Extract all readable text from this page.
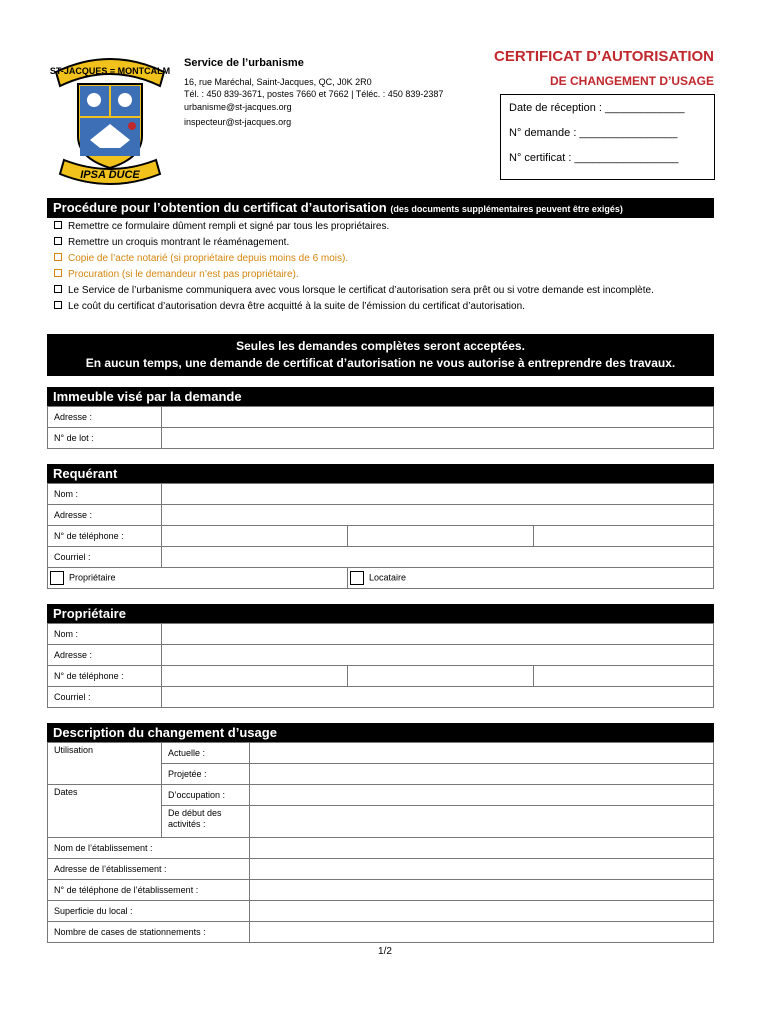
ST-JACQUES = MONTCALM
IPSA DUCE
Service de l’urbanisme
16, rue Maréchal, Saint-Jacques, QC, J0K 2R0
Tél. : 450 839-3671, postes 7660 et 7662 | Téléc. : 450 839-2387
urbanisme@st-jacques.org
inspecteur@st-jacques.org
CERTIFICAT D’AUTORISATION
DE CHANGEMENT D’USAGE
Date de réception : _____________
N° demande : ________________
N° certificat : _________________
Procédure pour l’obtention du certificat d’autorisation (des documents supplémentaires peuvent être exigés)
Remettre ce formulaire dûment rempli et signé par tous les propriétaires.
Remettre un croquis montrant le réaménagement.
Copie de l’acte notarié (si propriétaire depuis moins de 6 mois).
Procuration (si le demandeur n’est pas propriétaire).
Le Service de l’urbanisme communiquera avec vous lorsque le certificat d’autorisation sera prêt ou si votre demande est incomplète.
Le coût du certificat d’autorisation devra être acquitté à la suite de l’émission du certificat d’autorisation.
Seules les demandes complètes seront acceptées.
En aucun temps, une demande de certificat d’autorisation ne vous autorise à entreprendre des travaux.
Immeuble visé par la demande
Adresse :	
N° de lot :	
Requérant
Nom :			
Adresse :			
N° de téléphone :			
Courriel :			
Propriétaire		Locataire	
Propriétaire
Nom :			
Adresse :			
N° de téléphone :			
Courriel :			
Description du changement d’usage
Utilisation	Actuelle :	
	Projetée :	
Dates	D’occupation :	
	De début des activités :	
Nom de l’établissement :		
Adresse de l’établissement :		
N° de téléphone de l’établissement :		
Superficie du local :		
Nombre de cases de stationnements :		
1/2
